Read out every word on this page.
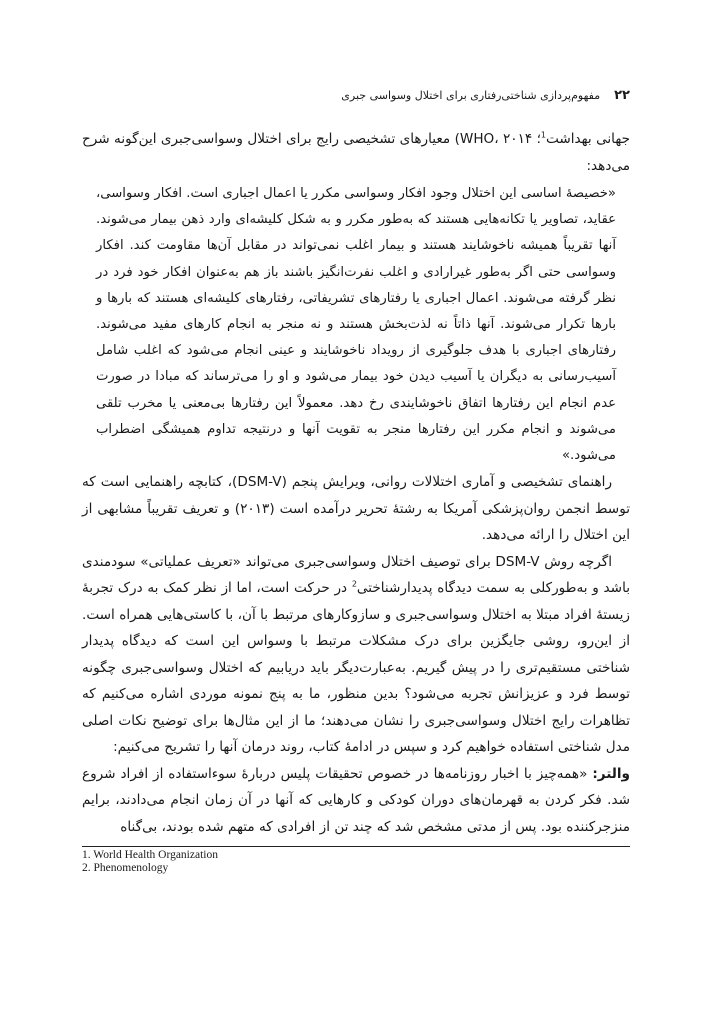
۲۲
مفهوم‌پردازی شناختی‌رفتاری برای اختلال وسواسی جبری

جهانی بهداشت$^1$؛ WHO، ۲۰۱۴) معیارهای تشخیصی رایج برای اختلال وسواسی‌جبری این‌گونه شرح می‌دهد:

«خصیصهٔ اساسی این اختلال وجود افکار وسواسی مکرر یا اعمال اجباری است. افکار وسواسی، عقاید، تصاویر یا تکانه‌هایی هستند که به‌طور مکرر و به شکل کلیشه‌ای وارد ذهن بیمار می‌شوند. آنها تقریباً همیشه ناخوشایند هستند و بیمار اغلب نمی‌تواند در مقابل آن‌ها مقاومت کند. افکار وسواسی حتی اگر به‌طور غیرارادی و اغلب نفرت‌انگیز باشند باز هم به‌عنوان افکار خود فرد در نظر گرفته می‌شوند. اعمال اجباری یا رفتارهای تشریفاتی، رفتارهای کلیشه‌ای هستند که بارها و بارها تکرار می‌شوند. آنها ذاتاً نه لذت‌بخش هستند و نه منجر به انجام کارهای مفید می‌شوند. رفتارهای اجباری با هدف جلوگیری از رویداد ناخوشایند و عینی انجام می‌شود که اغلب شامل آسیب‌رسانی به دیگران یا آسیب دیدن خود بیمار می‌شود و او را می‌ترساند که مبادا در صورت عدم انجام این رفتارها اتفاق ناخوشایندی رخ دهد. معمولاً این رفتارها بی‌معنی یا مخرب تلقی می‌شوند و انجام مکرر این رفتارها منجر به تقویت آنها و درنتیجه تداوم همیشگی اضطراب می‌شود.»

راهنمای تشخیصی و آماری اختلالات روانی، ویرایش پنجم (DSM-V)، کتابچه راهنمایی است که توسط انجمن روان‌پزشکی آمریکا به رشتهٔ تحریر درآمده است (۲۰۱۳) و تعریف تقریباً مشابهی از این اختلال را ارائه می‌دهد.

اگرچه روش DSM-V برای توصیف اختلال وسواسی‌جبری می‌تواند «تعریف عملیاتی» سودمندی باشد و به‌طورکلی به سمت دیدگاه پدیدارشناختی$^2$ در حرکت است، اما از نظر کمک به درک تجربهٔ زیستهٔ افراد مبتلا به اختلال وسواسی‌جبری و سازوکارهای مرتبط با آن، با کاستی‌هایی همراه است. از این‌رو، روشی جایگزین برای درک مشکلات مرتبط با وسواس این است که دیدگاه پدیدار شناختی مستقیم‌تری را در پیش گیریم. به‌عبارت‌دیگر باید دریابیم که اختلال وسواسی‌جبری چگونه توسط فرد و عزیزانش تجربه می‌شود؟ بدین منظور، ما به پنج نمونه موردی اشاره می‌کنیم که تظاهرات رایج اختلال وسواسی‌جبری را نشان می‌دهند؛ ما از این مثال‌ها برای توضیح نکات اصلی مدل شناختی استفاده خواهیم کرد و سپس در ادامهٔ کتاب، روند درمان آنها را تشریح می‌کنیم:

والتر: «همه‌چیز با اخبار روزنامه‌ها در خصوص تحقیقات پلیس دربارهٔ سوءاستفاده از افراد شروع شد. فکر کردن به قهرمان‌های دوران کودکی و کارهایی که آنها در آن زمان انجام می‌دادند، برایم منزجرکننده بود. پس از مدتی مشخص شد که چند تن از افرادی که متهم شده بودند، بی‌گناه

1. World Health Organization
2. Phenomenology
